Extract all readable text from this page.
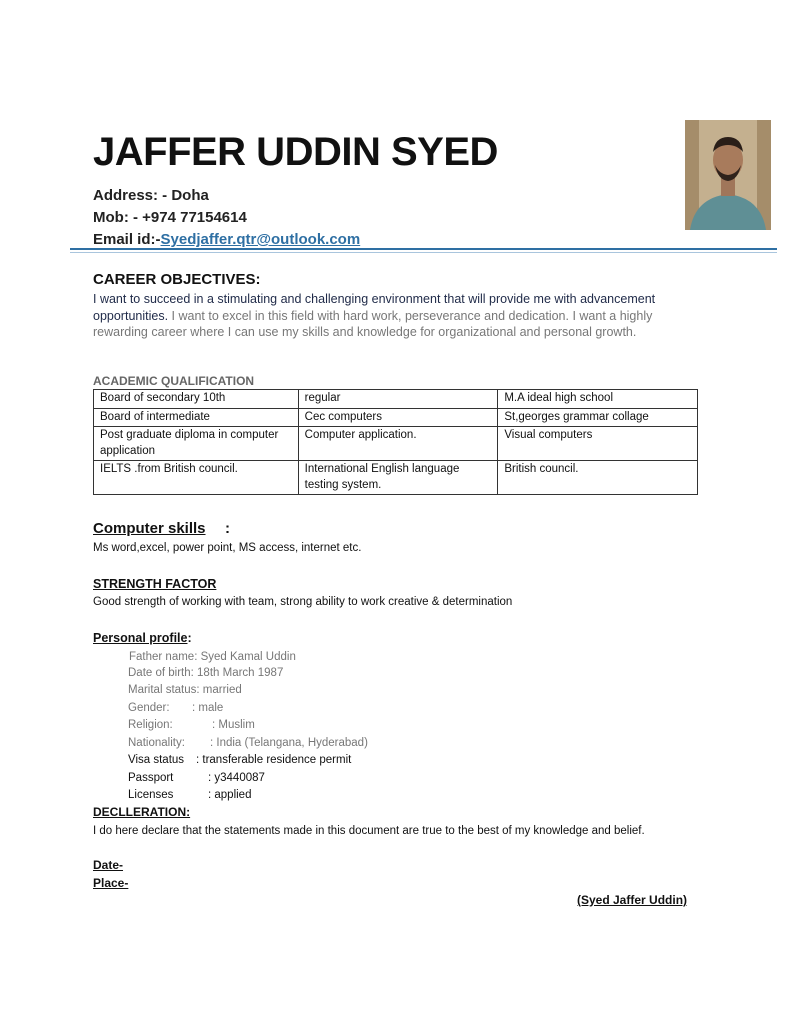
JAFFER UDDIN SYED
Address: - Doha
Mob: - +974 77154614
Email id:-Syedjaffer.qtr@outlook.com
CAREER OBJECTIVES:
I want to succeed in a stimulating and challenging environment that will provide me with advancement opportunities. I want to excel in this field with hard work, perseverance and dedication. I want a highly rewarding career where I can use my skills and knowledge for organizational and personal growth.
ACADEMIC QUALIFICATION
Board of secondary 10th	regular	M.A ideal high school
Board of intermediate	Cec computers	St,georges grammar collage
Post graduate diploma in computer application	Computer application.	Visual computers
IELTS .from British council.	International English language testing system.	British council.
Computer skills :
Ms word,excel, power point, MS access, internet etc.
STRENGTH FACTOR
Good strength of working with team, strong ability to work creative & determination
Personal profile:
Father name: Syed Kamal Uddin
Date of birth: 18th March 1987
Marital status: married
Gender: : male
Religion:	: Muslim
Nationality: : India (Telangana, Hyderabad)
Visa status : transferable residence permit
Passport	: y3440087
Licenses	: applied
DECLLERATION:
I do here declare that the statements made in this document are true to the best of my knowledge and belief.
Date-
Place-
(Syed Jaffer Uddin)
